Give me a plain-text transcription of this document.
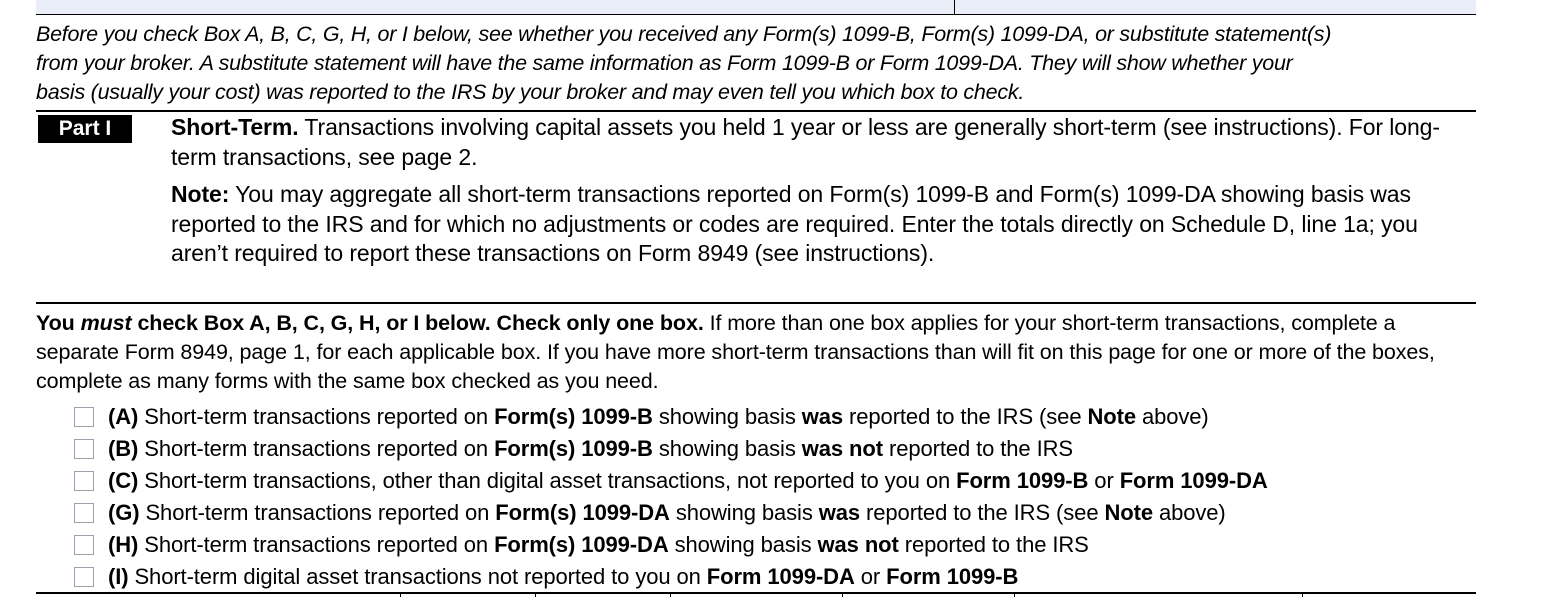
Before you check Box A, B, C, G, H, or I below, see whether you received any Form(s) 1099-B, Form(s) 1099-DA, or substitute statement(s)
from your broker. A substitute statement will have the same information as Form 1099-B or Form 1099-DA. They will show whether your
basis (usually your cost) was reported to the IRS by your broker and may even tell you which box to check.
Part I	Short-Term. Transactions involving capital assets you held 1 year or less are generally short-term (see instructions). For long-term transactions, see page 2.

Note: You may aggregate all short-term transactions reported on Form(s) 1099-B and Form(s) 1099-DA showing basis was reported to the IRS and for which no adjustments or codes are required. Enter the totals directly on Schedule D, line 1a; you aren’t required to report these transactions on Form 8949 (see instructions).

You must check Box A, B, C, G, H, or I below. Check only one box. If more than one box applies for your short-term transactions, complete a separate Form 8949, page 1, for each applicable box. If you have more short-term transactions than will fit on this page for one or more of the boxes, complete as many forms with the same box checked as you need.
(A) Short-term transactions reported on Form(s) 1099-B showing basis was reported to the IRS (see Note above)
(B) Short-term transactions reported on Form(s) 1099-B showing basis was not reported to the IRS
(C) Short-term transactions, other than digital asset transactions, not reported to you on Form 1099-B or Form 1099-DA
(G) Short-term transactions reported on Form(s) 1099-DA showing basis was reported to the IRS (see Note above)
(H) Short-term transactions reported on Form(s) 1099-DA showing basis was not reported to the IRS
(I) Short-term digital asset transactions not reported to you on Form 1099-DA or Form 1099-B
